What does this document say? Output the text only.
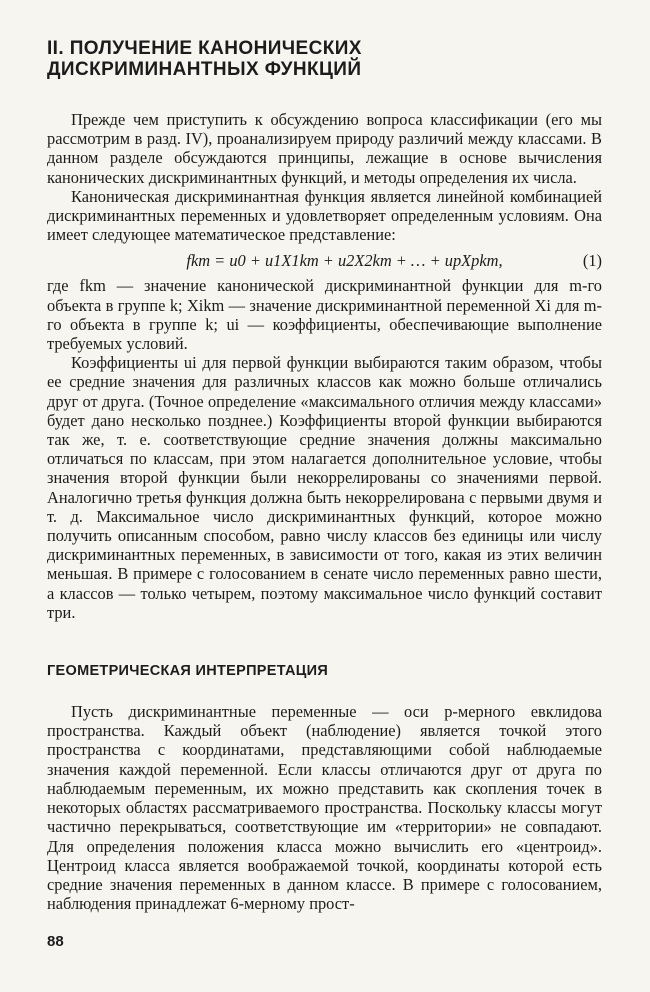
II. ПОЛУЧЕНИЕ КАНОНИЧЕСКИХ
ДИСКРИМИНАНТНЫХ ФУНКЦИЙ

Прежде чем приступить к обсуждению вопроса классификации (его мы рассмотрим в разд. IV), проанализируем природу различий между классами. В данном разделе обсуждаются принципы, лежащие в основе вычисления канонических дискриминантных функций, и методы определения их числа.

Каноническая дискриминантная функция является линейной комбинацией дискриминантных переменных и удовлетворяет определенным условиям. Она имеет следующее математическое представление:

fkm = u0 + u1X1km + u2X2km + … + upXpkm,	(1)

где fkm — значение канонической дискриминантной функции для m-го объекта в группе k; Xikm — значение дискриминантной переменной Xi для m-го объекта в группе k; ui — коэффициенты, обеспечивающие выполнение требуемых условий.

Коэффициенты ui для первой функции выбираются таким образом, чтобы ее средние значения для различных классов как можно больше отличались друг от друга. (Точное определение «максимального отличия между классами» будет дано несколько позднее.) Коэффициенты второй функции выбираются так же, т. е. соответствующие средние значения должны максимально отличаться по классам, при этом налагается дополнительное условие, чтобы значения второй функции были некоррелированы со значениями первой. Аналогично третья функция должна быть некоррелирована с первыми двумя и т. д. Максимальное число дискриминантных функций, которое можно получить описанным способом, равно числу классов без единицы или числу дискриминантных переменных, в зависимости от того, какая из этих величин меньшая. В примере с голосованием в сенате число переменных равно шести, а классов — только четырем, поэтому максимальное число функций составит три.

ГЕОМЕТРИЧЕСКАЯ ИНТЕРПРЕТАЦИЯ

Пусть дискриминантные переменные — оси p-мерного евклидова пространства. Каждый объект (наблюдение) является точкой этого пространства с координатами, представляющими собой наблюдаемые значения каждой переменной. Если классы отличаются друг от друга по наблюдаемым переменным, их можно представить как скопления точек в некоторых областях рассматриваемого пространства. Поскольку классы могут частично перекрываться, соответствующие им «территории» не совпадают. Для определения положения класса можно вычислить его «центроид». Центроид класса является воображаемой точкой, координаты которой есть средние значения переменных в данном классе. В примере с голосованием, наблюдения принадлежат 6-мерному прост-

88
